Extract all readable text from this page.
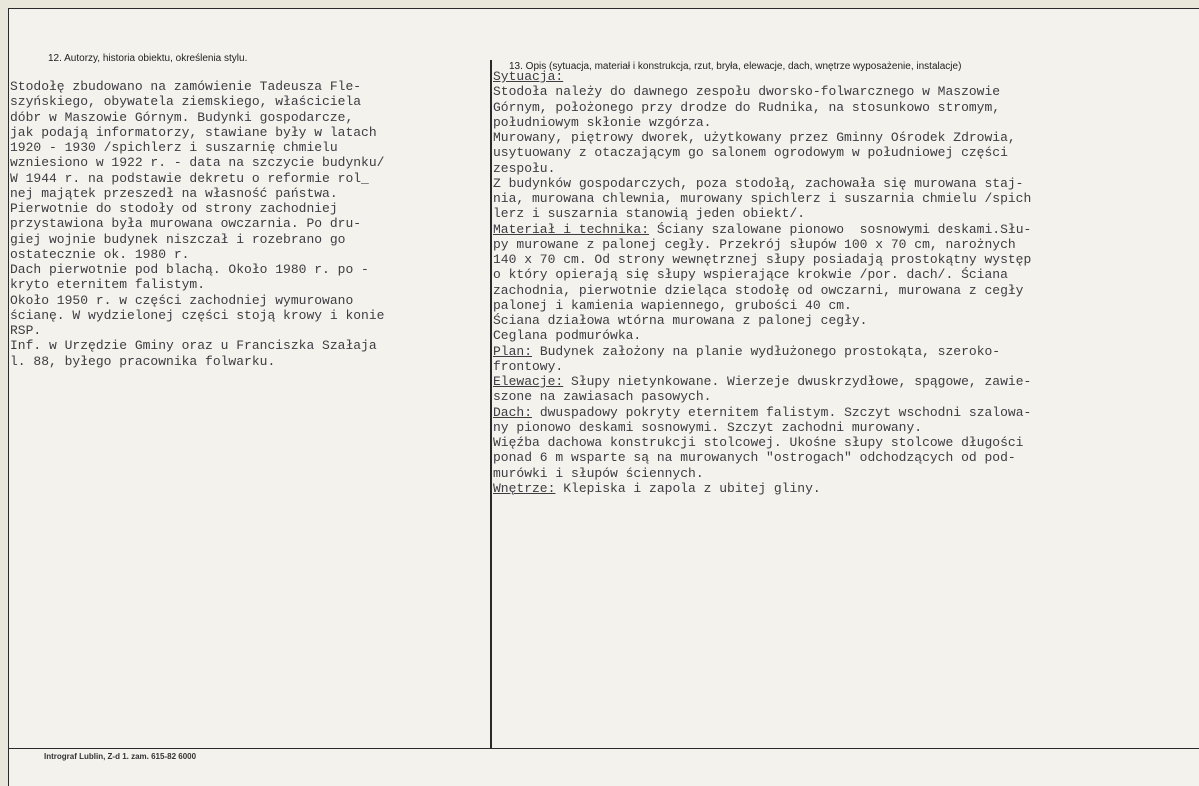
12. Autorzy, historia obiektu, określenia stylu.
13. Opis (sytuacja, materiał i konstrukcja, rzut, bryła, elewacje, dach, wnętrze wyposażenie, instalacje)
Stodołę zbudowano na zamówienie Tadeusza Fle-
szyńskiego, obywatela ziemskiego, właściciela
dóbr w Maszowie Górnym. Budynki gospodarcze,
jak podają informatorzy, stawiane były w latach
1920 - 1930 /spichlerz i suszarnię chmielu
wzniesiono w 1922 r. - data na szczycie budynku/
W 1944 r. na podstawie dekretu o reformie rol_
nej majątek przeszedł na własność państwa.
Pierwotnie do stodoły od strony zachodniej
przystawiona była murowana owczarnia. Po dru-
giej wojnie budynek niszczał i rozebrano go
ostatecznie ok. 1980 r.
Dach pierwotnie pod blachą. Około 1980 r. po -
kryto eternitem falistym.
Około 1950 r. w części zachodniej wymurowano
ścianę. W wydzielonej części stoją krowy i konie
RSP.
Inf. w Urzędzie Gminy oraz u Franciszka Szałaja
l. 88, byłego pracownika folwarku.
Sytuacja:
Stodoła należy do dawnego zespołu dworsko-folwarcznego w Maszowie
Górnym, położonego przy drodze do Rudnika, na stosunkowo stromym,
południowym skłonie wzgórza.
Murowany, piętrowy dworek, użytkowany przez Gminny Ośrodek Zdrowia,
usytuowany z otaczającym go salonem ogrodowym w południowej części
zespołu.
Z budynków gospodarczych, poza stodołą, zachowała się murowana staj-
nia, murowana chlewnia, murowany spichlerz i suszarnia chmielu /spich
lerz i suszarnia stanowią jeden obiekt/.
Materiał i technika: Ściany szalowane pionowo  sosnowymi deskami.Słu-
py murowane z palonej cegły. Przekrój słupów 100 x 70 cm, narożnych
140 x 70 cm. Od strony wewnętrznej słupy posiadają prostokątny występ
o który opierają się słupy wspierające krokwie /por. dach/. Ściana
zachodnia, pierwotnie dzieląca stodołę od owczarni, murowana z cegły
palonej i kamienia wapiennego, grubości 40 cm.
Ściana działowa wtórna murowana z palonej cegły.
Ceglana podmurówka.
Plan: Budynek założony na planie wydłużonego prostokąta, szeroko-
frontowy.
Elewacje: Słupy nietynkowane. Wierzeje dwuskrzydłowe, spągowe, zawie-
szone na zawiasach pasowych.
Dach: dwuspadowy pokryty eternitem falistym. Szczyt wschodni szalowa-
ny pionowo deskami sosnowymi. Szczyt zachodni murowany.
Więźba dachowa konstrukcji stolcowej. Ukośne słupy stolcowe długości
ponad 6 m wsparte są na murowanych "ostrogach" odchodzących od pod-
murówki i słupów ściennych.
Wnętrze: Klepiska i zapola z ubitej gliny.
Intrograf Lublin, Z-d 1. zam. 615-82 6000
